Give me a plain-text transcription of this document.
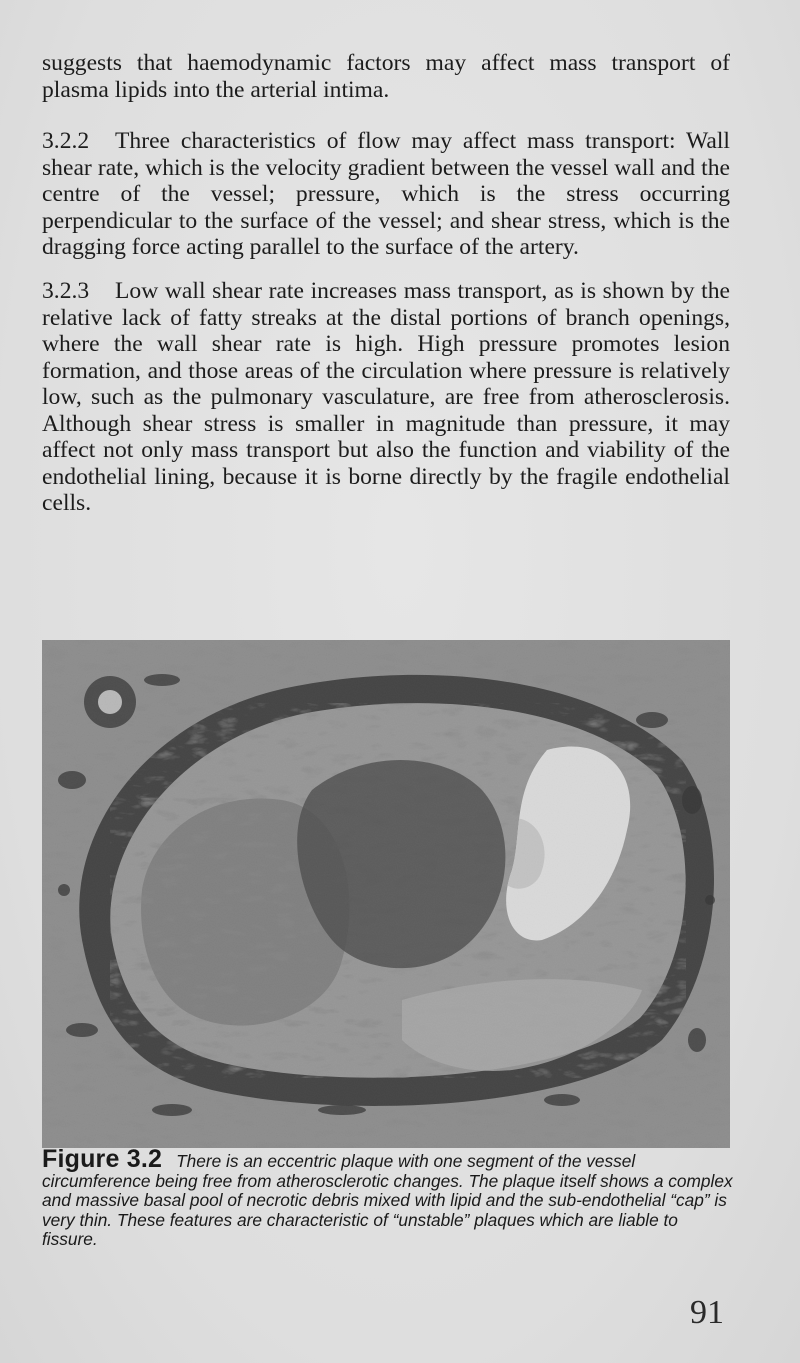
suggests that haemodynamic factors may affect mass transport of plasma lipids into the arterial intima.

3.2.2 Three characteristics of flow may affect mass transport: Wall shear rate, which is the velocity gradient between the vessel wall and the centre of the vessel; pressure, which is the stress occurring perpendicular to the surface of the vessel; and shear stress, which is the dragging force acting parallel to the surface of the artery.

3.2.3 Low wall shear rate increases mass transport, as is shown by the relative lack of fatty streaks at the distal portions of branch openings, where the wall shear rate is high. High pressure promotes lesion formation, and those areas of the circulation where pressure is relatively low, such as the pulmonary vasculature, are free from atherosclerosis. Although shear stress is smaller in magnitude than pressure, it may affect not only mass transport but also the function and viability of the endothelial lining, because it is borne directly by the fragile endothelial cells.

Figure 3.2 There is an eccentric plaque with one segment of the vessel circumference being free from atherosclerotic changes. The plaque itself shows a complex and massive basal pool of necrotic debris mixed with lipid and the sub-endothelial “cap” is very thin. These features are characteristic of “unstable” plaques which are liable to fissure.

91
